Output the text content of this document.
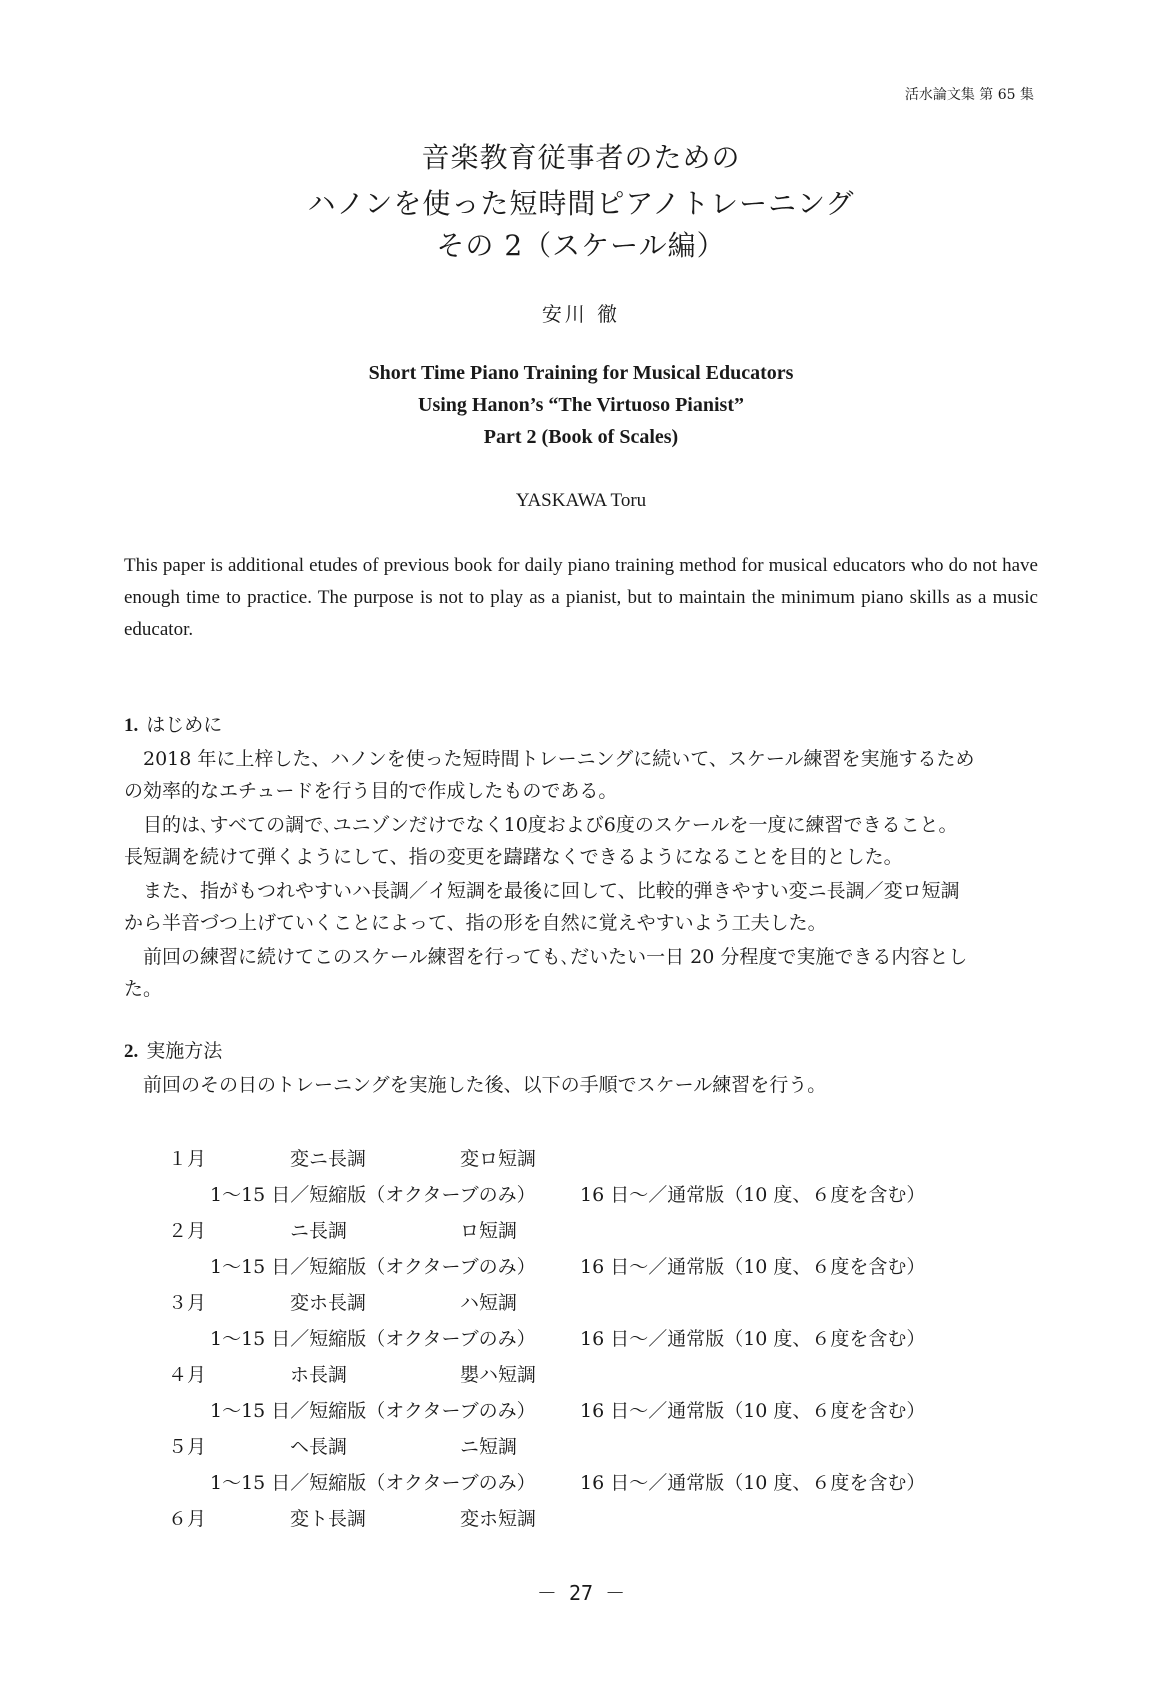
活水論文集 第 65 集
音楽教育従事者のための
ハノンを使った短時間ピアノトレーニング
その 2（スケール編）
安川 徹
Short Time Piano Training for Musical Educators
Using Hanon’s “The Virtuoso Pianist”
Part 2 (Book of Scales)
YASKAWA Toru
This paper is additional etudes of previous book for daily piano training method for musical educators who do not have enough time to practice. The purpose is not to play as a pianist, but to maintain the minimum piano skills as a music educator.
1. はじめに
2018 年に上梓した、ハノンを使った短時間トレーニングに続いて、スケール練習を実施するため
の効率的なエチュードを行う目的で作成したものである。
目的は､すべての調で､ユニゾンだけでなく10度および6度のスケールを一度に練習できること。
長短調を続けて弾くようにして、指の変更を躊躇なくできるようになることを目的とした。
また、指がもつれやすいハ長調／イ短調を最後に回して、比較的弾きやすい変ニ長調／変ロ短調
から半音づつ上げていくことによって、指の形を自然に覚えやすいよう工夫した。
前回の練習に続けてこのスケール練習を行っても､だいたい一日 20 分程度で実施できる内容とし
た。
2. 実施方法
前回のその日のトレーニングを実施した後、以下の手順でスケール練習を行う。
１月	変ニ長調	変ロ短調
1～15 日／短縮版（オクターブのみ） 16 日～／通常版（10 度、６度を含む）
２月	ニ長調	ロ短調
1～15 日／短縮版（オクターブのみ） 16 日～／通常版（10 度、６度を含む）
３月	変ホ長調	ハ短調
1～15 日／短縮版（オクターブのみ） 16 日～／通常版（10 度、６度を含む）
４月	ホ長調	嬰ハ短調
1～15 日／短縮版（オクターブのみ） 16 日～／通常版（10 度、６度を含む）
５月	ヘ長調	ニ短調
1～15 日／短縮版（オクターブのみ） 16 日～／通常版（10 度、６度を含む）
６月	変ト長調	変ホ短調
－ 27 －
